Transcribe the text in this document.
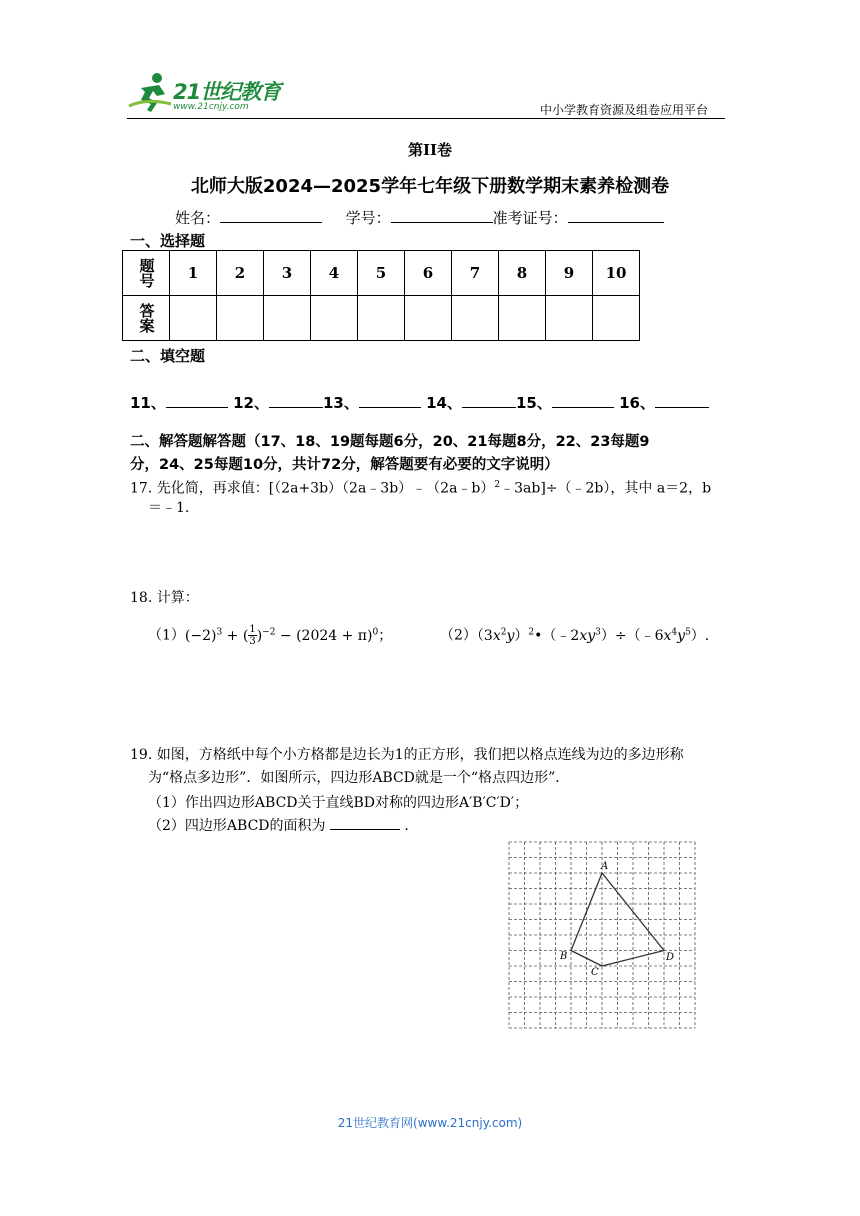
21世纪教育
www.21cnjy.com	中小学教育资源及组卷应用平台
第II卷
北师大版2024—2025学年七年级下册数学期末素养检测卷
姓名：	学号：	准考证号：
一、选择题
题号	1	2	3	4	5	6	7	8	9	10
答案										
二、填空题
11、	12、	13、	14、	15、	16、
二、解答题解答题（17、18、19题每题6分，20、21每题8分，22、23每题9
分，24、25每题10分，共计72分，解答题要有必要的文字说明）
17. 先化简，再求值：[（2a+3b）（2a﹣3b）﹣（2a﹣b）$^2$﹣3ab]÷（﹣2b），其中 a＝2，b
＝﹣1.
18. 计算：
$(1)(-2)^3$ + ( $\frac{1}{3} )^{-2} - (2024 + \pi)^0$；	$(2)(3x^2y)^2•(﹣2xy^3)\div(﹣6x^4y^5)$.
19. 如图，方格纸中每个小方格都是边长为1的正方形，我们把以格点连线为边的多边形称
为“格点多边形”．如图所示，四边形ABCD就是一个“格点四边形”．
（1）作出四边形ABCD关于直线BD对称的四边形A′B′C′D′；
（2）四边形ABCD的面积为	．
A
B
C
D
21世纪教育网(www.21cnjy.com)
